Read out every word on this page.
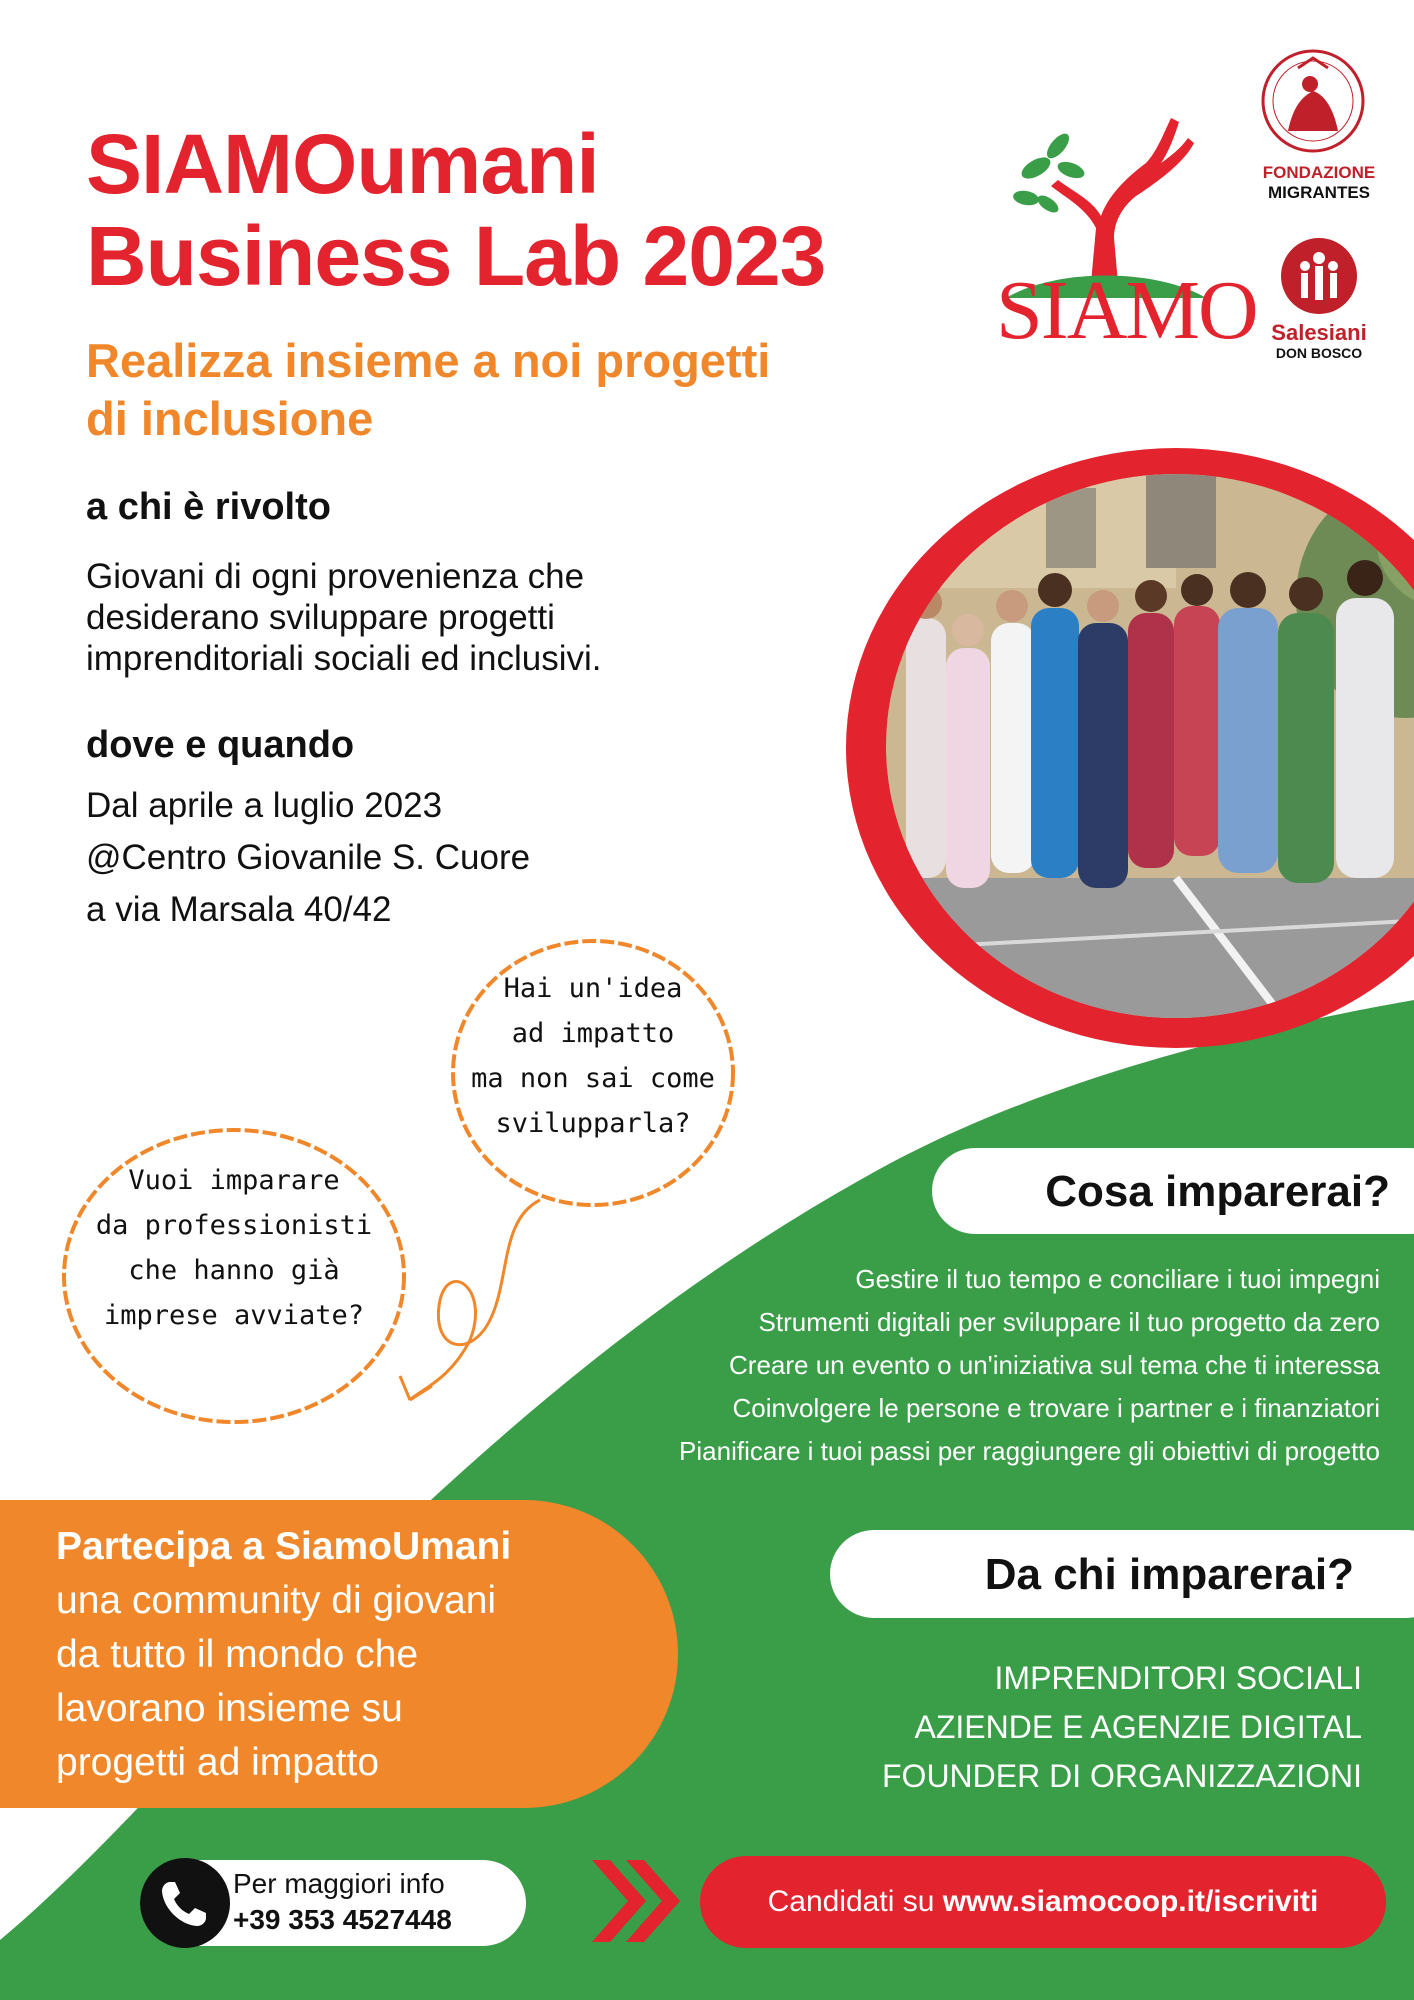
SIAMOumani
Business Lab 2023
Realizza insieme a noi progetti
di inclusione
SIAMO
FONDAZIONE
MIGRANTES
Salesiani
DON BOSCO
a chi è rivolto
Giovani di ogni provenienza che
desiderano sviluppare progetti
imprenditoriali sociali ed inclusivi.
dove e quando
Dal aprile a luglio 2023
@Centro Giovanile S. Cuore
a via Marsala 40/42
Hai un'idea
ad impatto
ma non sai come
svilupparla?
Vuoi imparare
da professionisti
che hanno già
imprese avviate?
Cosa imparerai?
Gestire il tuo tempo e conciliare i tuoi impegni
Strumenti digitali per sviluppare il tuo progetto da zero
Creare un evento o un'iniziativa sul tema che ti interessa
Coinvolgere le persone e trovare i partner e i finanziatori
Pianificare i tuoi passi per raggiungere gli obiettivi di progetto
Da chi imparerai?
IMPRENDITORI SOCIALI
AZIENDE E AGENZIE DIGITAL
FOUNDER DI ORGANIZZAZIONI
Partecipa a SiamoUmani
una community di giovani
da tutto il mondo che
lavorano insieme su
progetti ad impatto
Per maggiori info
+39 353 4527448
Candidati su www.siamocoop.it/iscriviti
